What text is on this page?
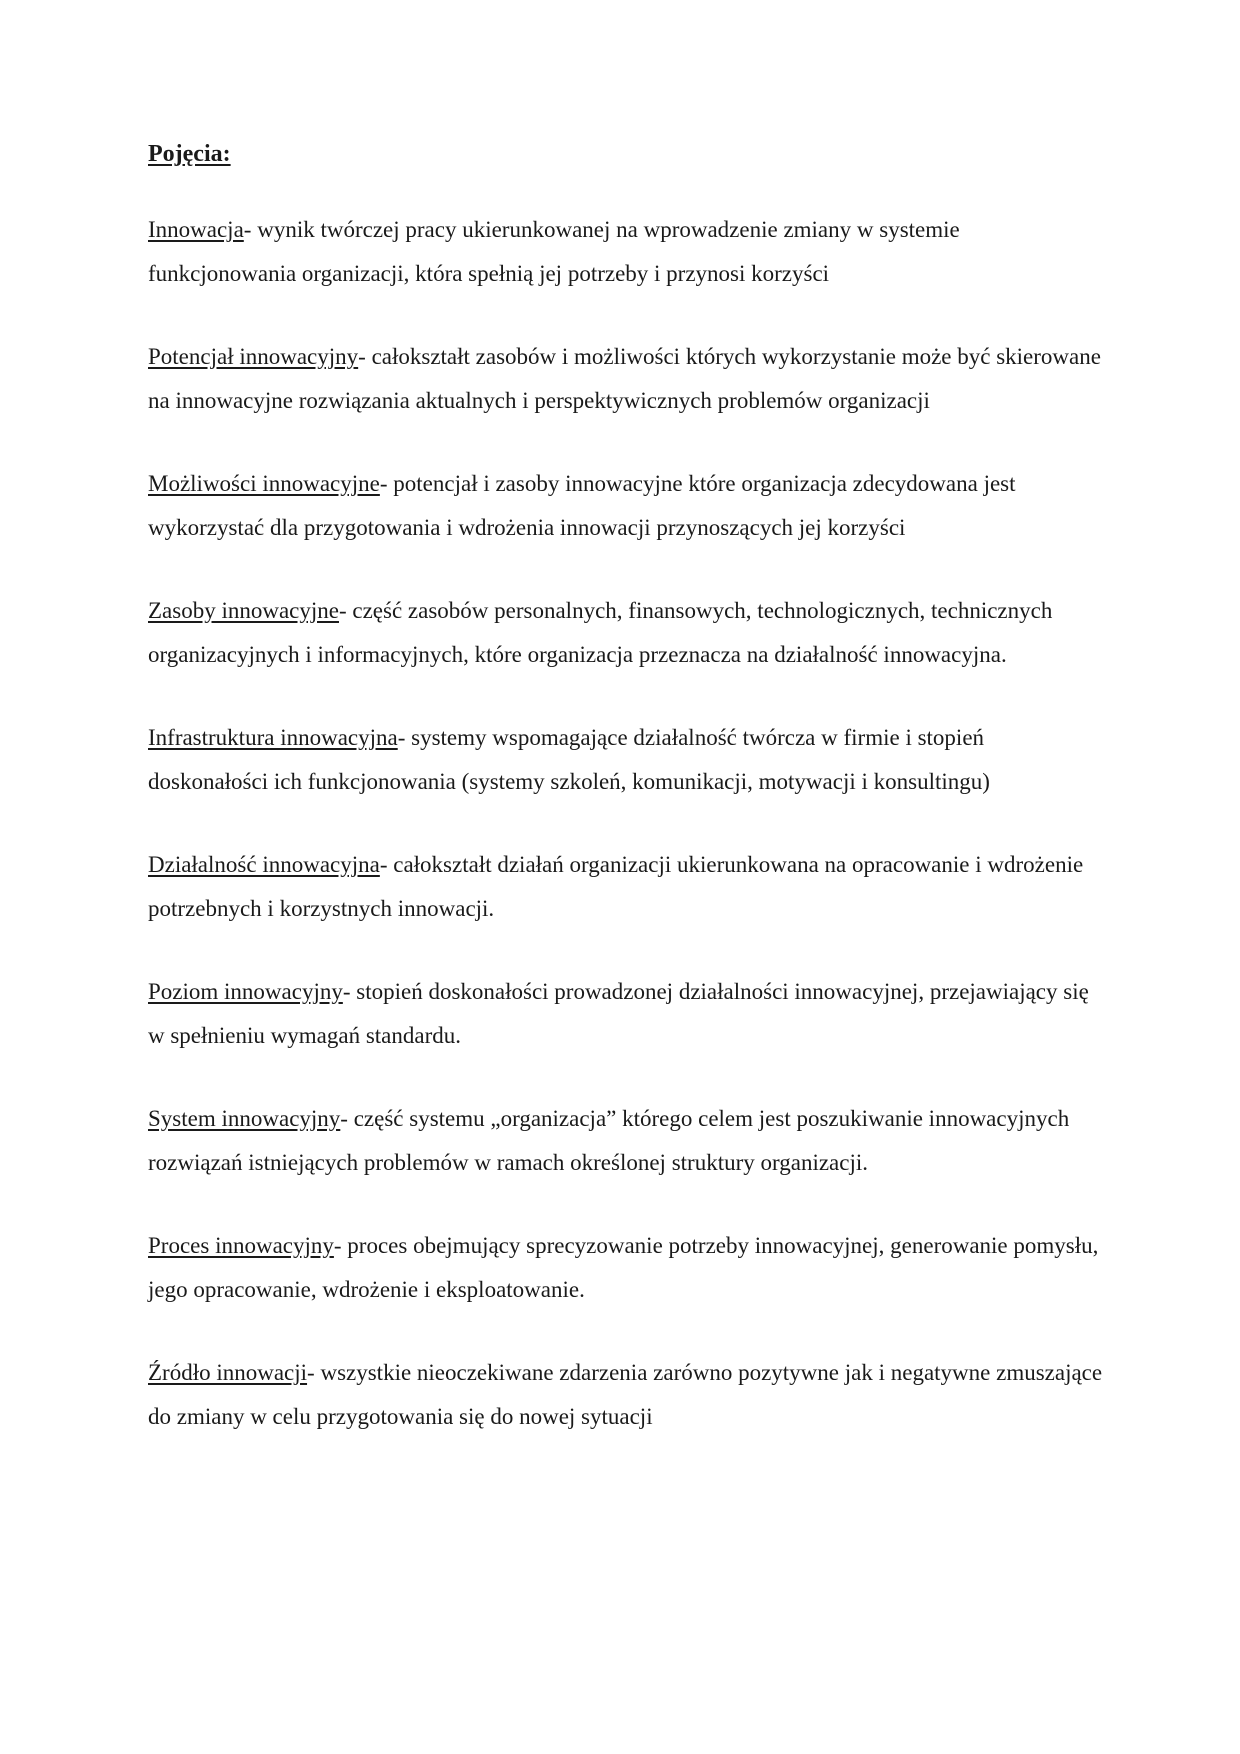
Pojęcia:

Innowacja- wynik twórczej pracy ukierunkowanej na wprowadzenie zmiany w systemie funkcjonowania organizacji, która spełnią jej potrzeby i przynosi korzyści

Potencjał innowacyjny- całokształt zasobów i możliwości których wykorzystanie może być skierowane na innowacyjne rozwiązania aktualnych i perspektywicznych problemów organizacji

Możliwości innowacyjne- potencjał i zasoby innowacyjne które organizacja zdecydowana jest wykorzystać dla przygotowania i wdrożenia innowacji przynoszących jej korzyści

Zasoby innowacyjne- część zasobów personalnych, finansowych, technologicznych, technicznych organizacyjnych i informacyjnych, które organizacja przeznacza na działalność innowacyjna.

Infrastruktura innowacyjna- systemy wspomagające działalność twórcza w firmie i stopień doskonałości ich funkcjonowania (systemy szkoleń, komunikacji, motywacji i konsultingu)

Działalność innowacyjna- całokształt działań organizacji ukierunkowana na opracowanie i wdrożenie potrzebnych i korzystnych innowacji.

Poziom innowacyjny- stopień doskonałości prowadzonej działalności innowacyjnej, przejawiający się w spełnieniu wymagań standardu.

System innowacyjny- część systemu „organizacja” którego celem jest poszukiwanie innowacyjnych rozwiązań istniejących problemów w ramach określonej struktury organizacji.

Proces innowacyjny- proces obejmujący sprecyzowanie potrzeby innowacyjnej, generowanie pomysłu, jego opracowanie, wdrożenie i eksploatowanie.

Źródło innowacji- wszystkie nieoczekiwane zdarzenia zarówno pozytywne jak i negatywne zmuszające do zmiany w celu przygotowania się do nowej sytuacji
